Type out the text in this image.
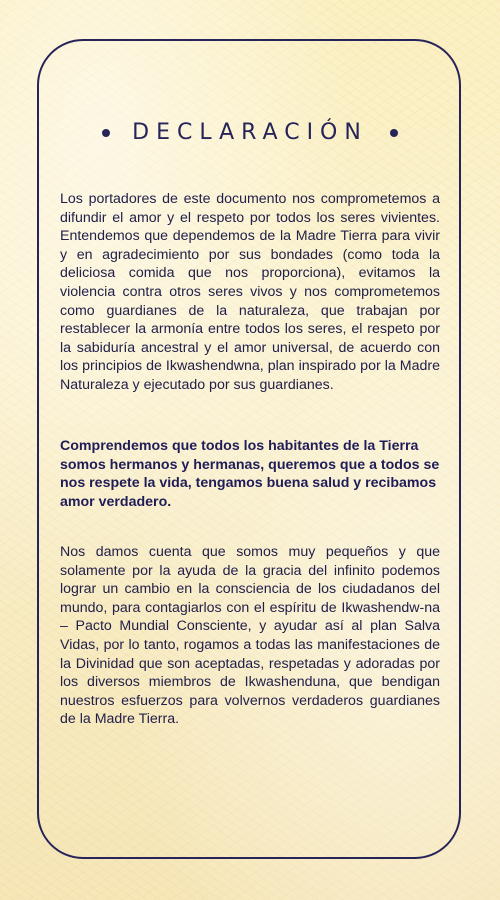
DECLARACIÓN

Los portadores de este documento nos comprometemos a difundir el amor y el respeto por todos los seres vivientes. Entendemos que dependemos de la Madre Tierra para vivir y en agradecimiento por sus bondades (como toda la deliciosa comida que nos proporciona), evitamos la violencia contra otros seres vivos y nos comprometemos como guardianes de la naturaleza, que trabajan por restablecer la armonía entre todos los seres, el respeto por la sabiduría ancestral y el amor universal, de acuerdo con los principios de Ikwashendwna, plan inspirado por la Madre Naturaleza y ejecutado por sus guardianes.

Comprendemos que todos los habitantes de la Tierra somos hermanos y hermanas, queremos que a todos se nos respete la vida, tengamos buena salud y recibamos amor verdadero.

Nos damos cuenta que somos muy pequeños y que solamente por la ayuda de la gracia del infinito podemos lograr un cambio en la consciencia de los ciudadanos del mundo, para contagiarlos con el espíritu de Ikwashendw-na – Pacto Mundial Consciente, y ayudar así al plan Salva Vidas, por lo tanto, rogamos a todas las manifestaciones de la Divinidad que son aceptadas, respetadas y adoradas por los diversos miembros de Ikwashenduna, que bendigan nuestros esfuerzos para volvernos verdaderos guardianes de la Madre Tierra.
